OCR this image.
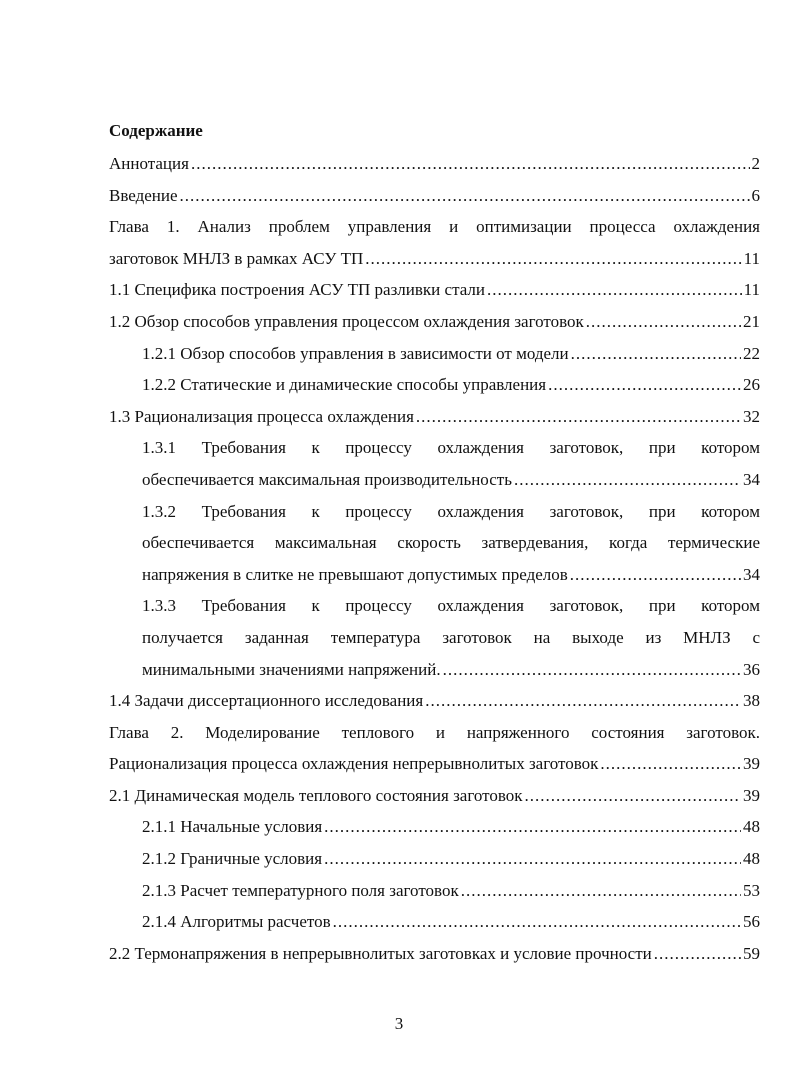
Содержание
Аннотация .....	2
Введение .....	6
Глава 1. Анализ проблем управления и оптимизации процесса охлаждения
заготовок МНЛЗ в рамках АСУ ТП .....	11
1.1 Специфика построения АСУ ТП разливки стали .....	11
1.2 Обзор способов управления процессом охлаждения заготовок .....	21
1.2.1 Обзор способов управления в зависимости от модели .....	22
1.2.2 Статические и динамические способы управления .....	26
1.3 Рационализация процесса охлаждения .....	32
1.3.1 Требования к процессу охлаждения заготовок, при котором
обеспечивается максимальная производительность .....	34
1.3.2 Требования к процессу охлаждения заготовок, при котором
обеспечивается максимальная скорость затвердевания, когда термические
напряжения в слитке не превышают допустимых пределов .....	34
1.3.3 Требования к процессу охлаждения заготовок, при котором
получается заданная температура заготовок на выходе из МНЛЗ с
минимальными значениями напряжений. .....	36
1.4 Задачи диссертационного исследования .....	38
Глава 2. Моделирование теплового и напряженного состояния заготовок.
Рационализация процесса охлаждения непрерывнолитых заготовок .....	39
2.1 Динамическая модель теплового состояния заготовок .....	39
2.1.1 Начальные условия .....	48
2.1.2 Граничные условия .....	48
2.1.3 Расчет температурного поля заготовок .....	53
2.1.4 Алгоритмы расчетов .....	56
2.2 Термонапряжения в непрерывнолитых заготовках и условие прочности .....	59
3
